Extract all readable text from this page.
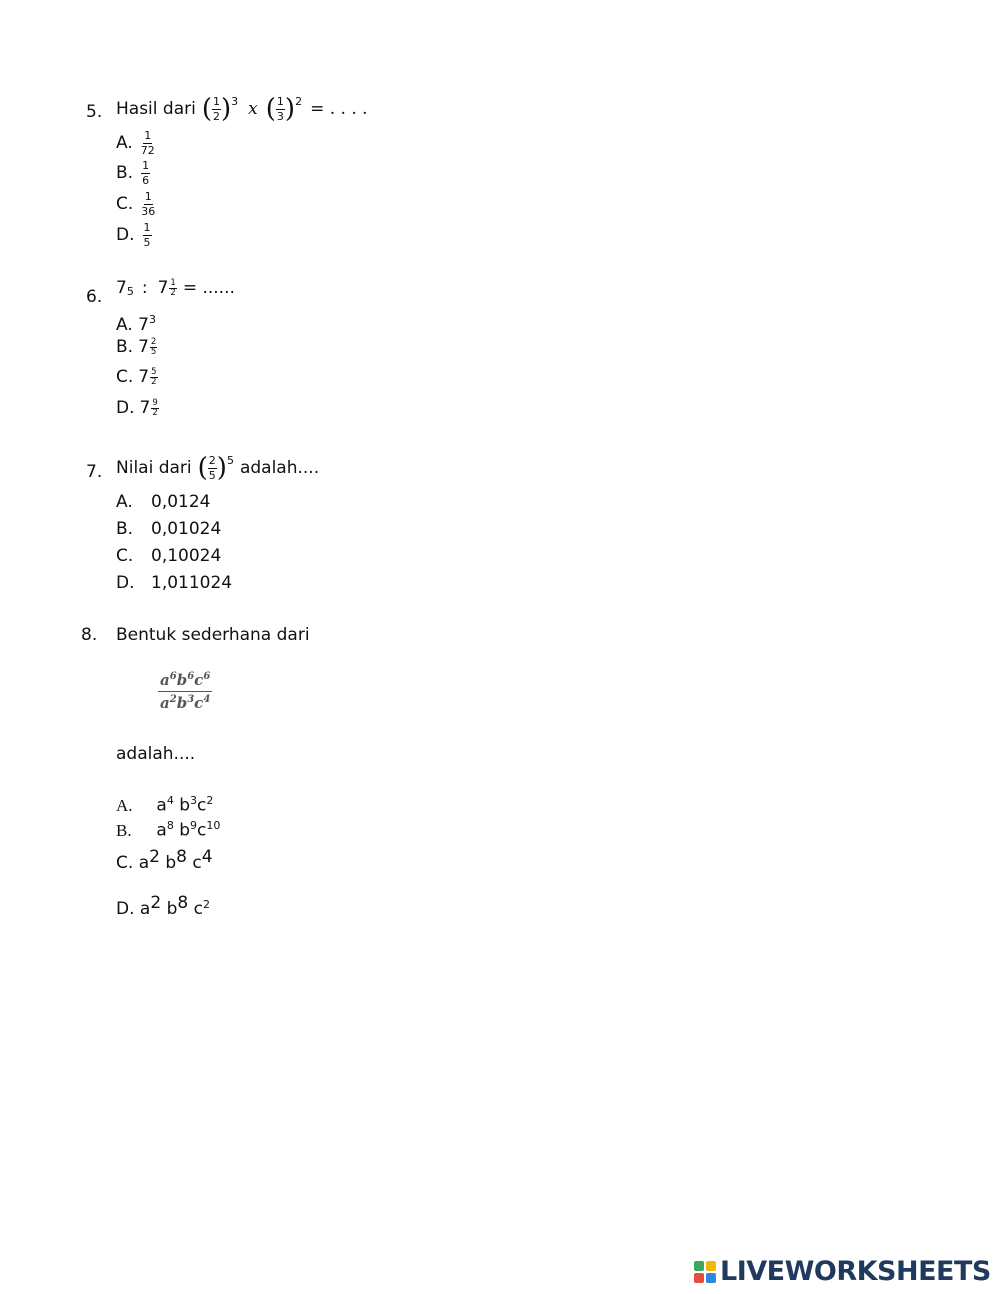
5. Hasil dari ( $\frac{1}{2}$ ) 3 x ( $\frac{1}{3}$ ) 2 = . . . .
A. $\frac{1}{72}$
B. $\frac{1}{6}$
C. $\frac{1}{36}$
D. $\frac{1}{5}$
6. 7 5 : $7 \frac{1}{2}$ = ......
A. $7^3$
B. 7 2
5
C. 7 5
2
D. 7 9
2
7. Nilai dari ( $\frac{2}{5}$ ) 5 adalah....
A. 0,0124
B. 0,01024
C. 0,10024
D. 1,011024
8. Bentuk sederhana dari
$\frac{a^6b^6c^6}{a^2b^3c^4}$
adalah....
A. $a^4$ $b^3c^2$
B. $a^8$ $b^9c^{10}$
C. a2 b8 c4
D. a2 b8 $c^2$
LIVEWORKSHEETS
